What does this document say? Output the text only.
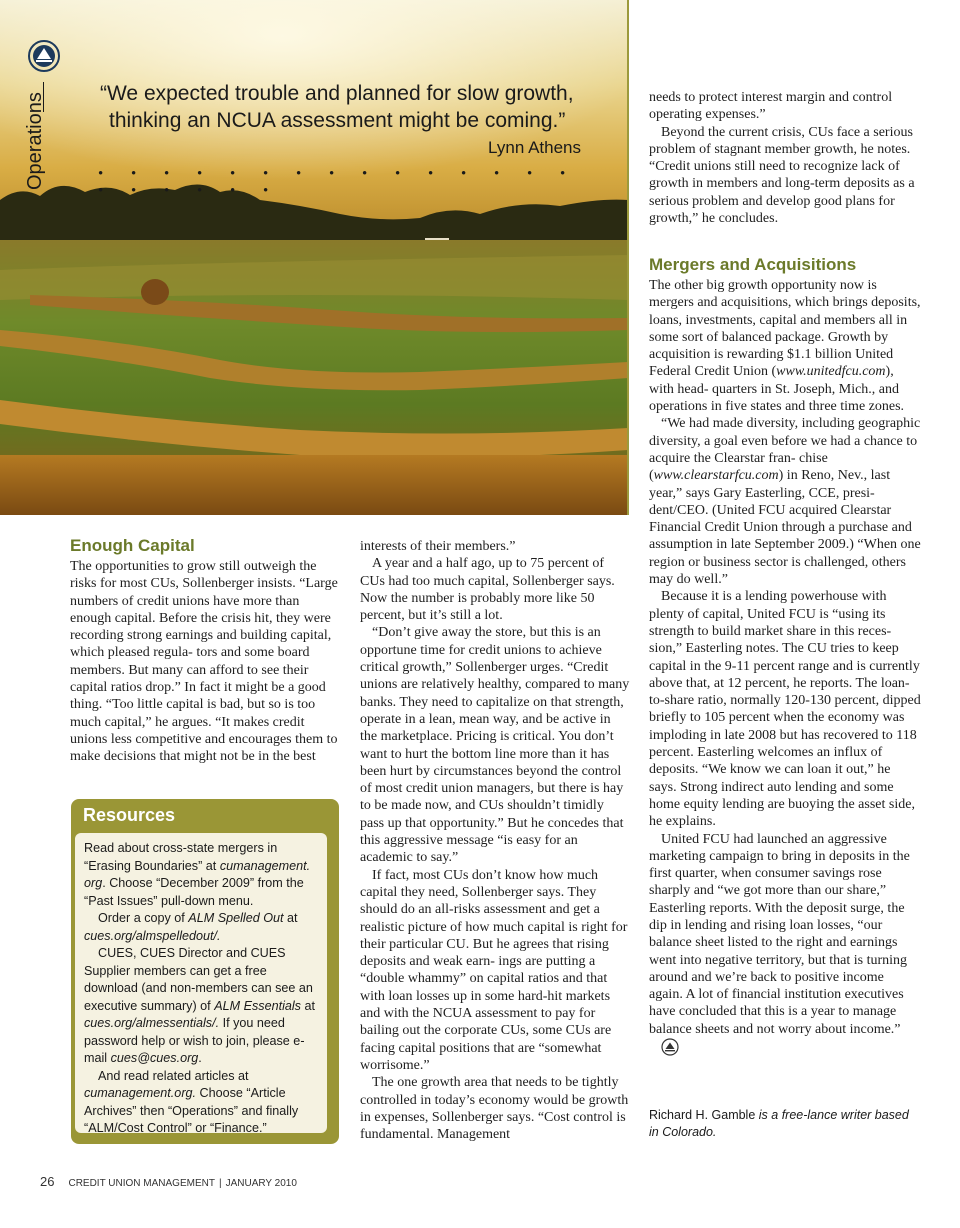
Operations	“We expected trouble and planned for slow growth,
thinking an NCUA assessment might be coming.”
Lynn Athens
• • • • • • • • • • • • • • • • • • • • •
Enough Capital

The opportunities to grow still outweigh the risks for most CUs, Sollenberger insists. “Large numbers of credit unions have more than enough capital. Before the crisis hit, they were recording strong earnings and building capital, which pleased regula- tors and some board members. But many can afford to see their capital ratios drop.” In fact it might be a good thing. “Too little capital is bad, but so is too much capital,” he argues. “It makes credit unions less competitive and encourages them to make decisions that might not be in the best

Resources

Read about cross-state mergers in “Erasing Boundaries” at cumanagement. org. Choose “December 2009” from the “Past Issues” pull-down menu.

Order a copy of ALM Spelled Out at cues.org/almspelledout/.

CUES, CUES Director and CUES Supplier members can get a free download (and non-members can see an executive summary) of ALM Essentials at cues.org/almessentials/. If you need password help or wish to join, please e-mail cues@cues.org.

And read related articles at cumanagement.org. Choose “Article Archives” then “Operations” and finally “ALM/Cost Control” or “Finance.”

interests of their members.”

A year and a half ago, up to 75 percent of CUs had too much capital, Sollenberger says. Now the number is probably more like 50 percent, but it’s still a lot.

“Don’t give away the store, but this is an opportune time for credit unions to achieve critical growth,” Sollenberger urges. “Credit unions are relatively healthy, compared to many banks. They need to capitalize on that strength, operate in a lean, mean way, and be active in the marketplace. Pricing is critical. You don’t want to hurt the bottom line more than it has been hurt by circumstances beyond the control of most credit union managers, but there is hay to be made now, and CUs shouldn’t timidly pass up that opportunity.” But he concedes that this aggressive message “is easy for an academic to say.”

If fact, most CUs don’t know how much capital they need, Sollenberger says. They should do an all-risks assessment and get a realistic picture of how much capital is right for their particular CU. But he agrees that rising deposits and weak earn- ings are putting a “double whammy” on capital ratios and that with loan losses up in some hard-hit markets and with the NCUA assessment to pay for bailing out the corporate CUs, some CUs are facing capital positions that are “somewhat worrisome.”

The one growth area that needs to be tightly controlled in today’s economy would be growth in expenses, Sollenberger says. “Cost control is fundamental. Management

needs to protect interest margin and control operating expenses.”

Beyond the current crisis, CUs face a serious problem of stagnant member growth, he notes. “Credit unions still need to recognize lack of growth in members and long-term deposits as a serious problem and develop good plans for growth,” he concludes.

Mergers and Acquisitions

The other big growth opportunity now is mergers and acquisitions, which brings deposits, loans, investments, capital and members all in some sort of balanced package. Growth by acquisition is rewarding $1.1 billion United Federal Credit Union (www.unitedfcu.com), with head- quarters in St. Joseph, Mich., and operations in five states and three time zones.

“We had made diversity, including geographic diversity, a goal even before we had a chance to acquire the Clearstar fran- chise (www.clearstarfcu.com) in Reno, Nev., last year,” says Gary Easterling, CCE, presi- dent/CEO. (United FCU acquired Clearstar Financial Credit Union through a purchase and assumption in late September 2009.) “When one region or business sector is challenged, others may do well.”

Because it is a lending powerhouse with plenty of capital, United FCU is “using its strength to build market share in this reces- sion,” Easterling notes. The CU tries to keep capital in the 9-11 percent range and is currently above that, at 12 percent, he reports. The loan-to-share ratio, normally 120-130 percent, dipped briefly to 105 percent when the economy was imploding in late 2008 but has recovered to 118 percent. Easterling welcomes an influx of deposits. “We know we can loan it out,” he says. Strong indirect auto lending and some home equity lending are buoying the asset side, he explains.

United FCU had launched an aggressive marketing campaign to bring in deposits in the first quarter, when consumer savings rose sharply and “we got more than our share,” Easterling reports. With the deposit surge, the dip in lending and rising loan losses, “our balance sheet listed to the right and earnings went into negative territory, but that is turning around and we’re back to positive income again. A lot of financial institution executives have concluded that this is a year to manage balance sheets and not worry about income.”

Richard H. Gamble is a free-lance writer based in Colorado.
26 CREDIT UNION MANAGEMENT | JANUARY 2010
